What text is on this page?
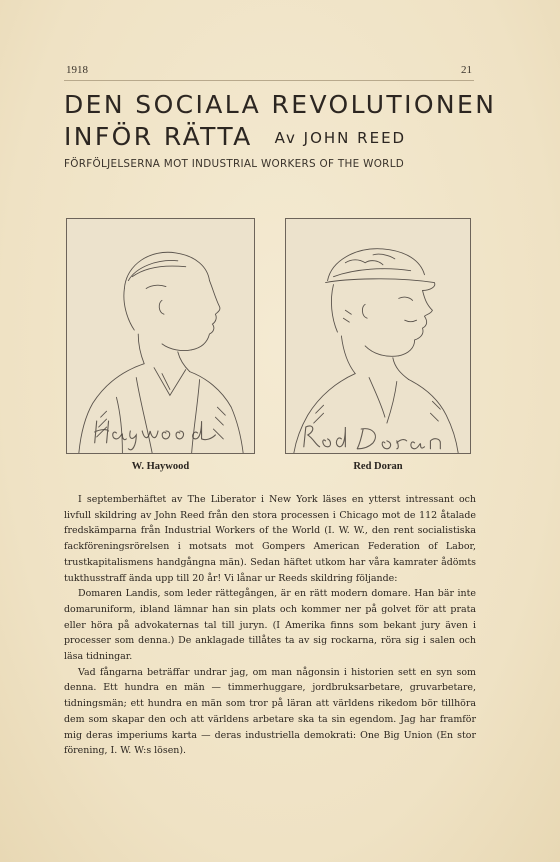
1918	21
DEN SOCIALA REVOLUTIONEN
INFÖR RÄTTA Av JOHN REED
FÖRFÖLJELSERNA MOT INDUSTRIAL WORKERS OF THE WORLD
W. Haywood	Red Doran

I septemberhäftet av The Liberator i New York läses en ytterst intressant och livfull skildring av John Reed från den stora processen i Chicago mot de 112 åtalade fredskämparna från Industrial Workers of the World (I. W. W., den rent socialistiska fackföreningsrörelsen i motsats mot Gompers American Federation of Labor, trustkapitalismens handgångna män). Sedan häftet utkom har våra kamrater ådömts tukthusstraff ända upp till 20 år! Vi lånar ur Reeds skildring följande:

Domaren Landis, som leder rättegången, är en rätt modern domare. Han bär inte domaruniform, ibland lämnar han sin plats och kommer ner på golvet för att prata eller höra på advokaternas tal till juryn. (I Amerika finns som bekant jury även i processer som denna.) De anklagade tillåtes ta av sig rockarna, röra sig i salen och läsa tidningar.

Vad fångarna beträffar undrar jag, om man någonsin i historien sett en syn som denna. Ett hundra en män — timmerhuggare, jordbruksarbetare, gruvarbetare, tidningsmän; ett hundra en män som tror på läran att världens rikedom bör tillhöra dem som skapar den och att världens arbetare ska ta sin egendom. Jag har framför mig deras imperiums karta — deras industriella demokrati: One Big Union (En stor förening, I. W. W:s lösen).
